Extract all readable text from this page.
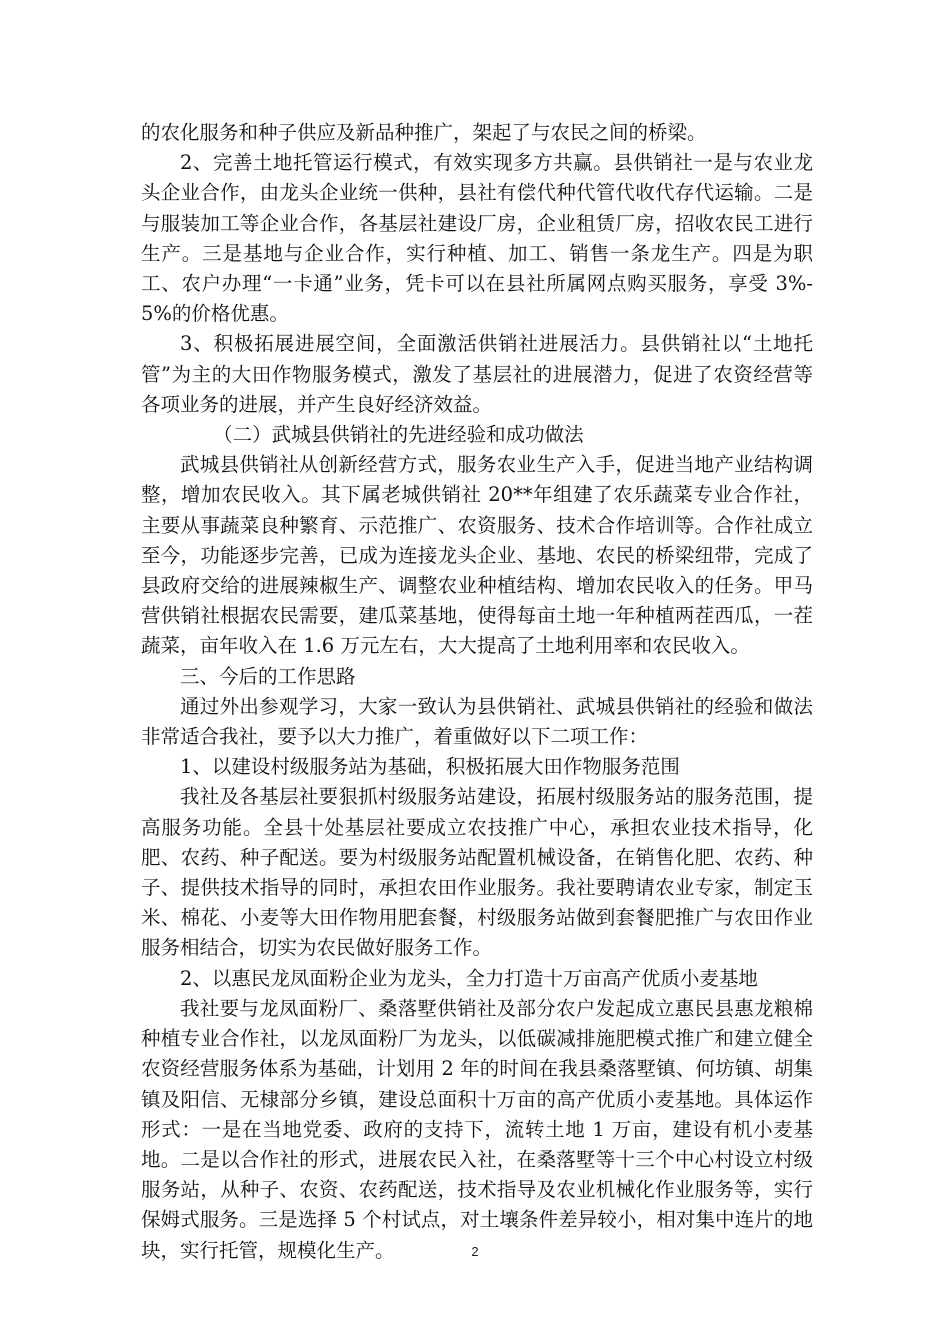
的农化服务和种子供应及新品种推广，架起了与农民之间的桥梁。

2、完善土地托管运行模式，有效实现多方共赢。县供销社一是与农业龙头企业合作，由龙头企业统一供种，县社有偿代种代管代收代存代运输。二是与服装加工等企业合作，各基层社建设厂房，企业租赁厂房，招收农民工进行生产。三是基地与企业合作，实行种植、加工、销售一条龙生产。四是为职工、农户办理“一卡通”业务，凭卡可以在县社所属网点购买服务，享受 3%-5%的价格优惠。

3、积极拓展进展空间，全面激活供销社进展活力。县供销社以“土地托管”为主的大田作物服务模式，激发了基层社的进展潜力，促进了农资经营等各项业务的进展，并产生良好经济效益。

（二）武城县供销社的先进经验和成功做法

武城县供销社从创新经营方式，服务农业生产入手，促进当地产业结构调整，增加农民收入。其下属老城供销社 20**年组建了农乐蔬菜专业合作社，主要从事蔬菜良种繁育、示范推广、农资服务、技术合作培训等。合作社成立至今，功能逐步完善，已成为连接龙头企业、基地、农民的桥梁纽带，完成了县政府交给的进展辣椒生产、调整农业种植结构、增加农民收入的任务。甲马营供销社根据农民需要，建瓜菜基地，使得每亩土地一年种植两茬西瓜，一茬蔬菜，亩年收入在 1.6 万元左右，大大提高了土地利用率和农民收入。

三、今后的工作思路

通过外出参观学习，大家一致认为县供销社、武城县供销社的经验和做法非常适合我社，要予以大力推广，着重做好以下二项工作：

1、以建设村级服务站为基础，积极拓展大田作物服务范围

我社及各基层社要狠抓村级服务站建设，拓展村级服务站的服务范围，提高服务功能。全县十处基层社要成立农技推广中心，承担农业技术指导，化肥、农药、种子配送。要为村级服务站配置机械设备，在销售化肥、农药、种子、提供技术指导的同时，承担农田作业服务。我社要聘请农业专家，制定玉米、棉花、小麦等大田作物用肥套餐，村级服务站做到套餐肥推广与农田作业服务相结合，切实为农民做好服务工作。

2、以惠民龙凤面粉企业为龙头，全力打造十万亩高产优质小麦基地

我社要与龙凤面粉厂、桑落墅供销社及部分农户发起成立惠民县惠龙粮棉种植专业合作社，以龙凤面粉厂为龙头，以低碳减排施肥模式推广和建立健全农资经营服务体系为基础，计划用 2 年的时间在我县桑落墅镇、何坊镇、胡集镇及阳信、无棣部分乡镇，建设总面积十万亩的高产优质小麦基地。具体运作形式：一是在当地党委、政府的支持下，流转土地 1 万亩，建设有机小麦基地。二是以合作社的形式，进展农民入社，在桑落墅等十三个中心村设立村级服务站，从种子、农资、农药配送，技术指导及农业机械化作业服务等，实行保姆式服务。三是选择 5 个村试点，对土壤条件差异较小，相对集中连片的地块，实行托管，规模化生产。	2
